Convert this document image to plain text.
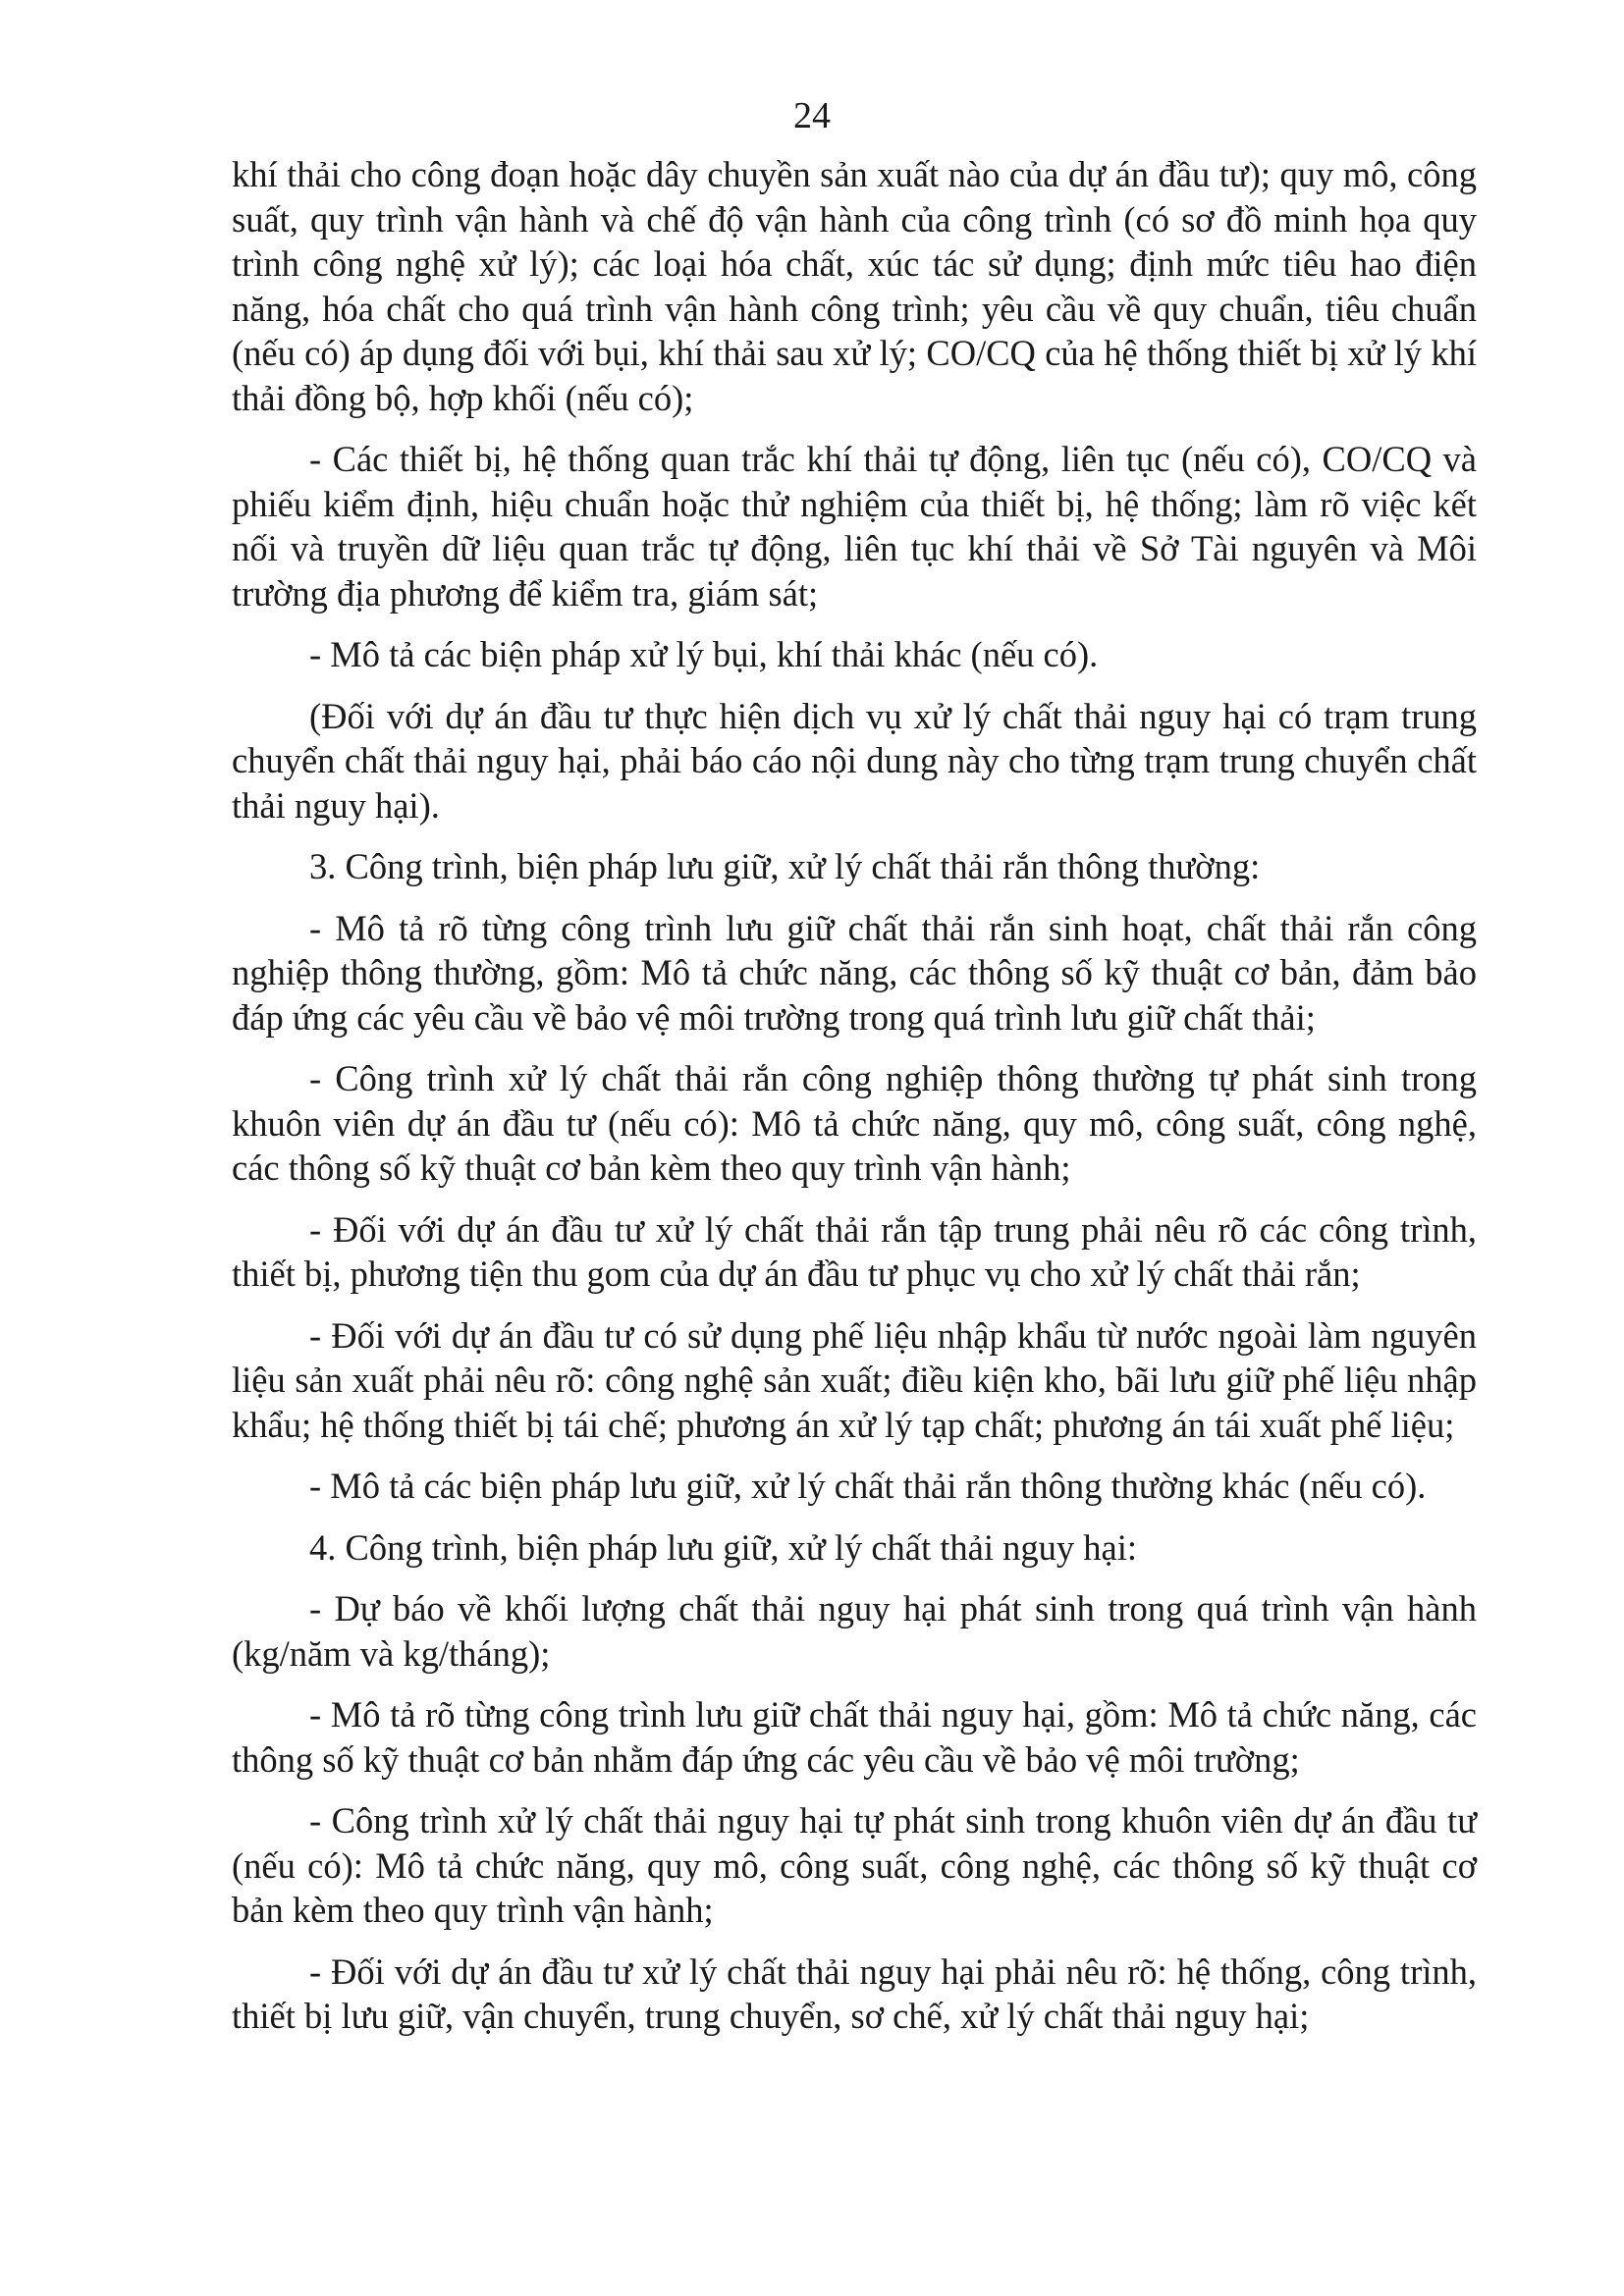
24

khí thải cho công đoạn hoặc dây chuyền sản xuất nào của dự án đầu tư); quy mô, công suất, quy trình vận hành và chế độ vận hành của công trình (có sơ đồ minh họa quy trình công nghệ xử lý); các loại hóa chất, xúc tác sử dụng; định mức tiêu hao điện năng, hóa chất cho quá trình vận hành công trình; yêu cầu về quy chuẩn, tiêu chuẩn (nếu có) áp dụng đối với bụi, khí thải sau xử lý; CO/CQ của hệ thống thiết bị xử lý khí thải đồng bộ, hợp khối (nếu có);

- Các thiết bị, hệ thống quan trắc khí thải tự động, liên tục (nếu có), CO/CQ và phiếu kiểm định, hiệu chuẩn hoặc thử nghiệm của thiết bị, hệ thống; làm rõ việc kết nối và truyền dữ liệu quan trắc tự động, liên tục khí thải về Sở Tài nguyên và Môi trường địa phương để kiểm tra, giám sát;

- Mô tả các biện pháp xử lý bụi, khí thải khác (nếu có).

(Đối với dự án đầu tư thực hiện dịch vụ xử lý chất thải nguy hại có trạm trung chuyển chất thải nguy hại, phải báo cáo nội dung này cho từng trạm trung chuyển chất thải nguy hại).

3. Công trình, biện pháp lưu giữ, xử lý chất thải rắn thông thường:

- Mô tả rõ từng công trình lưu giữ chất thải rắn sinh hoạt, chất thải rắn công nghiệp thông thường, gồm: Mô tả chức năng, các thông số kỹ thuật cơ bản, đảm bảo đáp ứng các yêu cầu về bảo vệ môi trường trong quá trình lưu giữ chất thải;

- Công trình xử lý chất thải rắn công nghiệp thông thường tự phát sinh trong khuôn viên dự án đầu tư (nếu có): Mô tả chức năng, quy mô, công suất, công nghệ, các thông số kỹ thuật cơ bản kèm theo quy trình vận hành;

- Đối với dự án đầu tư xử lý chất thải rắn tập trung phải nêu rõ các công trình, thiết bị, phương tiện thu gom của dự án đầu tư phục vụ cho xử lý chất thải rắn;

- Đối với dự án đầu tư có sử dụng phế liệu nhập khẩu từ nước ngoài làm nguyên liệu sản xuất phải nêu rõ: công nghệ sản xuất; điều kiện kho, bãi lưu giữ phế liệu nhập khẩu; hệ thống thiết bị tái chế; phương án xử lý tạp chất; phương án tái xuất phế liệu;

- Mô tả các biện pháp lưu giữ, xử lý chất thải rắn thông thường khác (nếu có).

4. Công trình, biện pháp lưu giữ, xử lý chất thải nguy hại:

- Dự báo về khối lượng chất thải nguy hại phát sinh trong quá trình vận hành (kg/năm và kg/tháng);

- Mô tả rõ từng công trình lưu giữ chất thải nguy hại, gồm: Mô tả chức năng, các thông số kỹ thuật cơ bản nhằm đáp ứng các yêu cầu về bảo vệ môi trường;

- Công trình xử lý chất thải nguy hại tự phát sinh trong khuôn viên dự án đầu tư (nếu có): Mô tả chức năng, quy mô, công suất, công nghệ, các thông số kỹ thuật cơ bản kèm theo quy trình vận hành;

- Đối với dự án đầu tư xử lý chất thải nguy hại phải nêu rõ: hệ thống, công trình, thiết bị lưu giữ, vận chuyển, trung chuyển, sơ chế, xử lý chất thải nguy hại;
